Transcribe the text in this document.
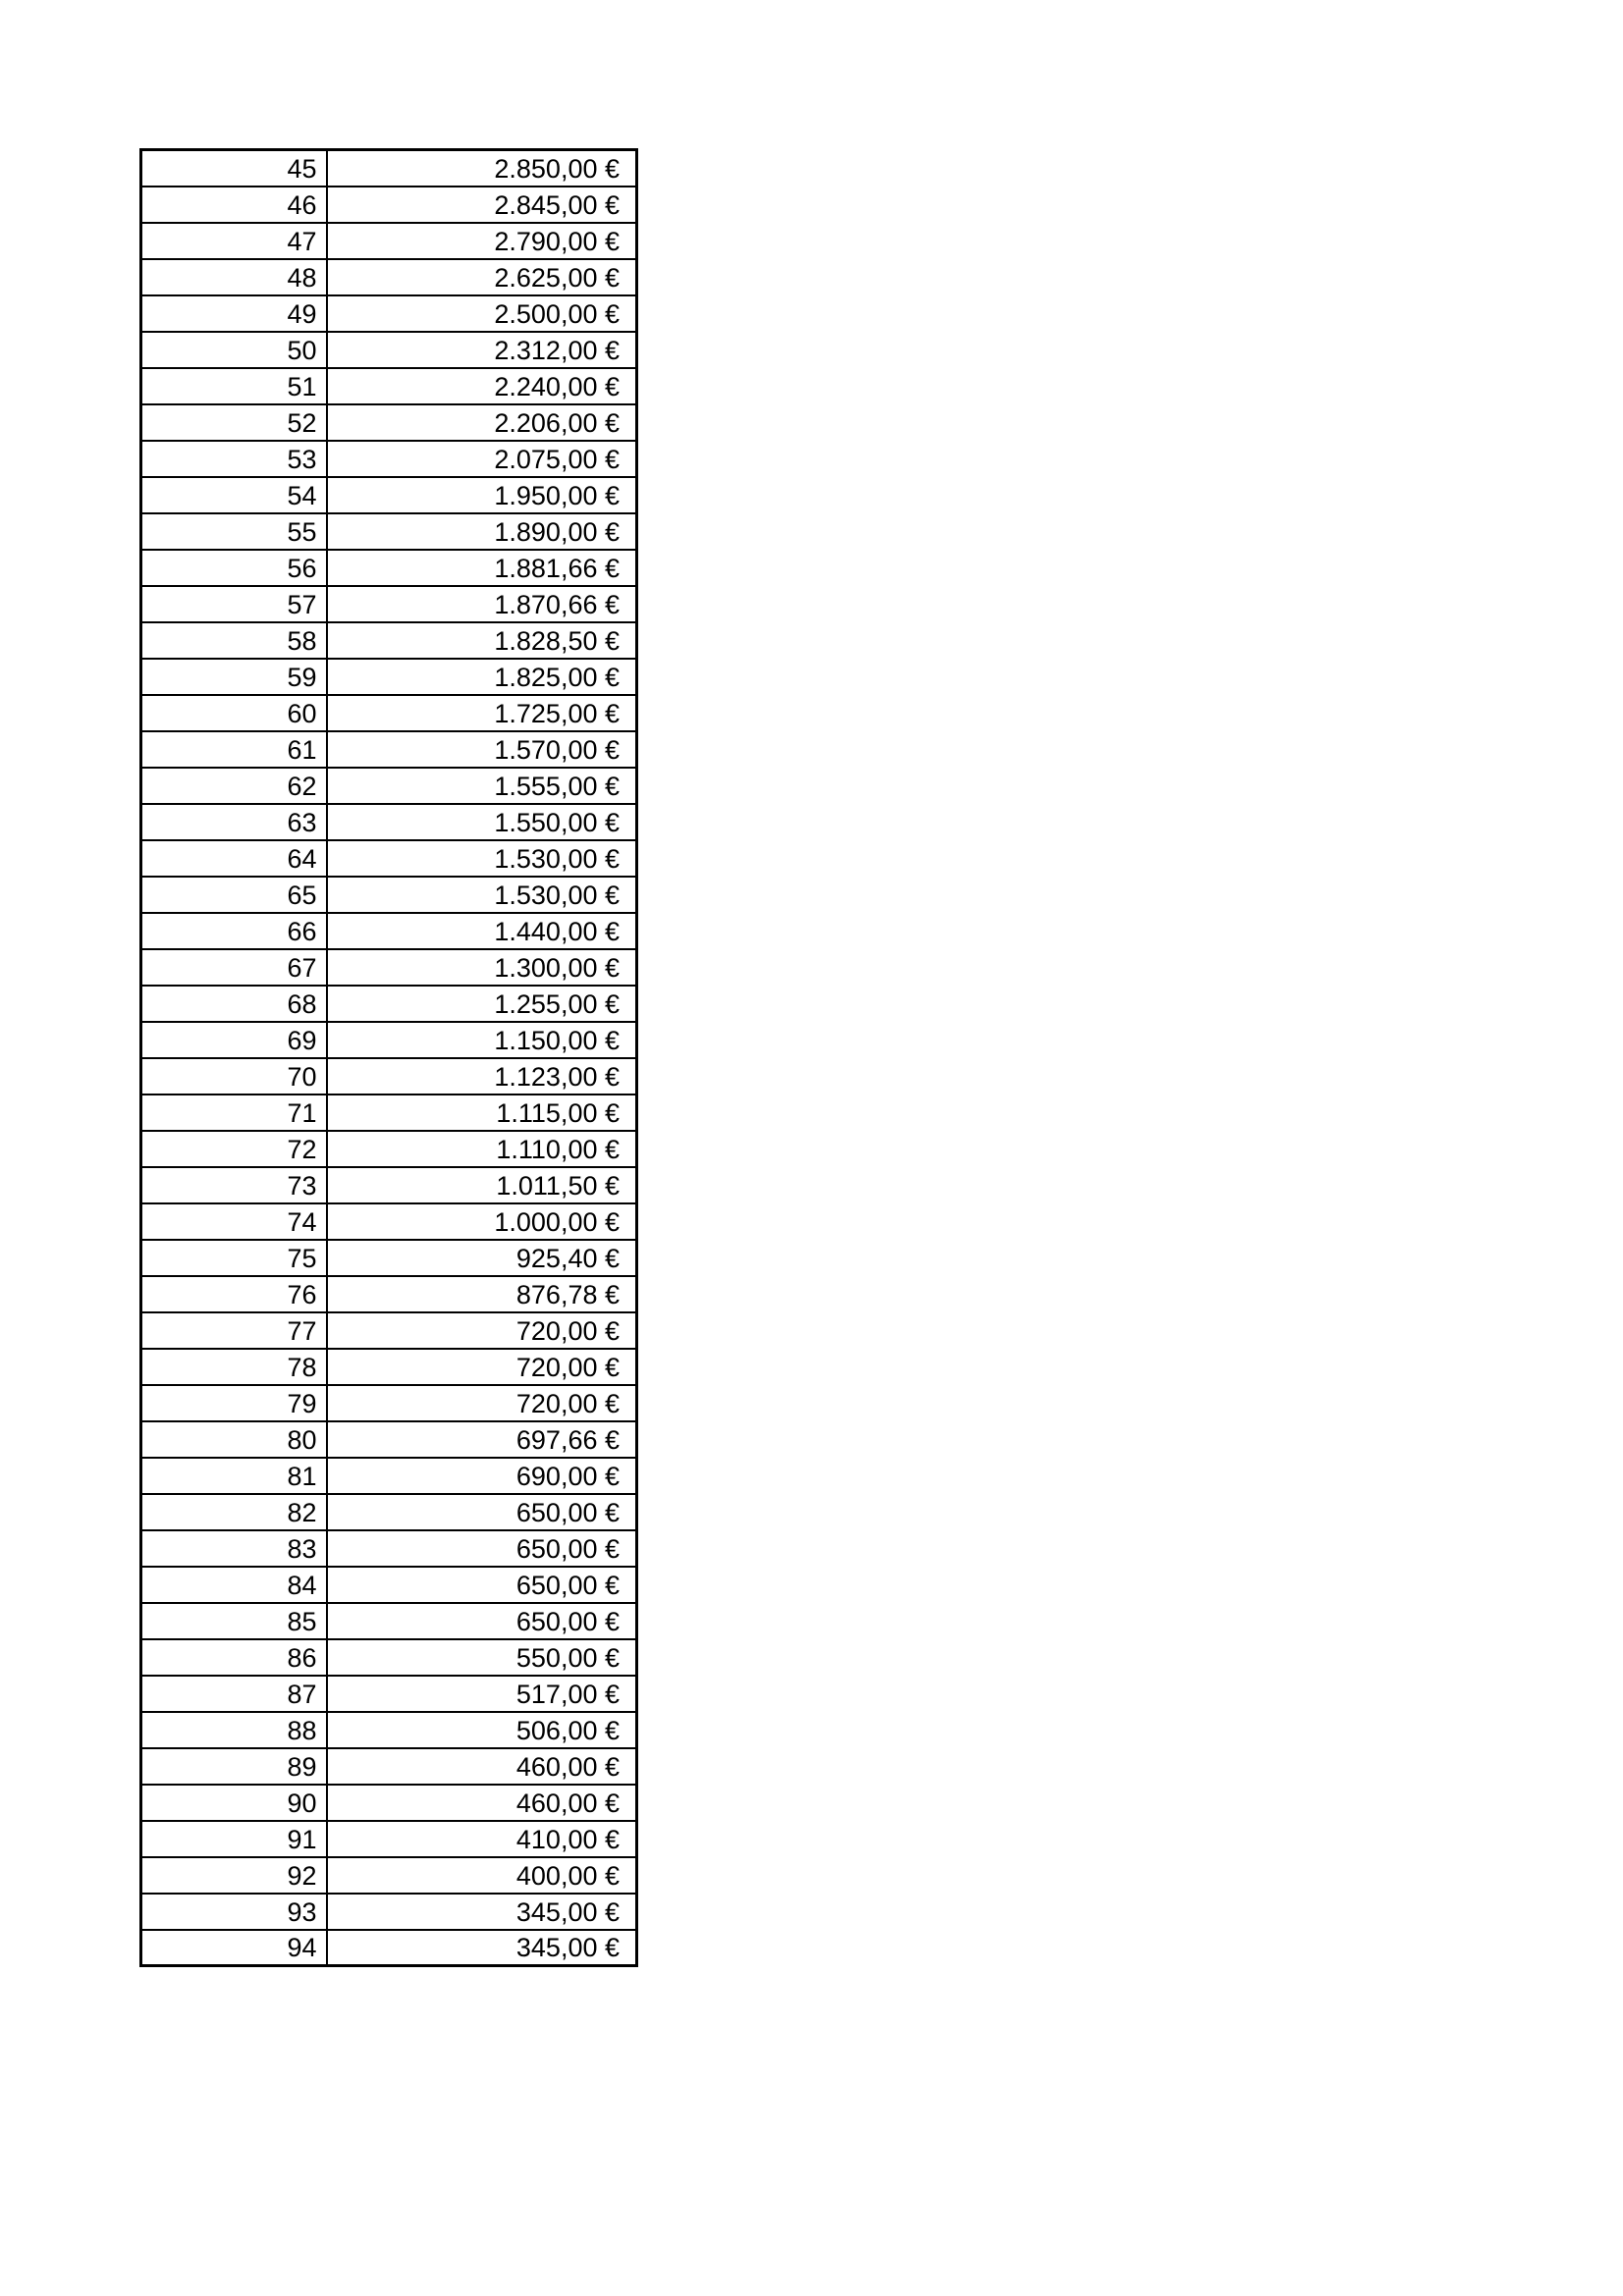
45	2.850,00 €
46	2.845,00 €
47	2.790,00 €
48	2.625,00 €
49	2.500,00 €
50	2.312,00 €
51	2.240,00 €
52	2.206,00 €
53	2.075,00 €
54	1.950,00 €
55	1.890,00 €
56	1.881,66 €
57	1.870,66 €
58	1.828,50 €
59	1.825,00 €
60	1.725,00 €
61	1.570,00 €
62	1.555,00 €
63	1.550,00 €
64	1.530,00 €
65	1.530,00 €
66	1.440,00 €
67	1.300,00 €
68	1.255,00 €
69	1.150,00 €
70	1.123,00 €
71	1.115,00 €
72	1.110,00 €
73	1.011,50 €
74	1.000,00 €
75	925,40 €
76	876,78 €
77	720,00 €
78	720,00 €
79	720,00 €
80	697,66 €
81	690,00 €
82	650,00 €
83	650,00 €
84	650,00 €
85	650,00 €
86	550,00 €
87	517,00 €
88	506,00 €
89	460,00 €
90	460,00 €
91	410,00 €
92	400,00 €
93	345,00 €
94	345,00 €
